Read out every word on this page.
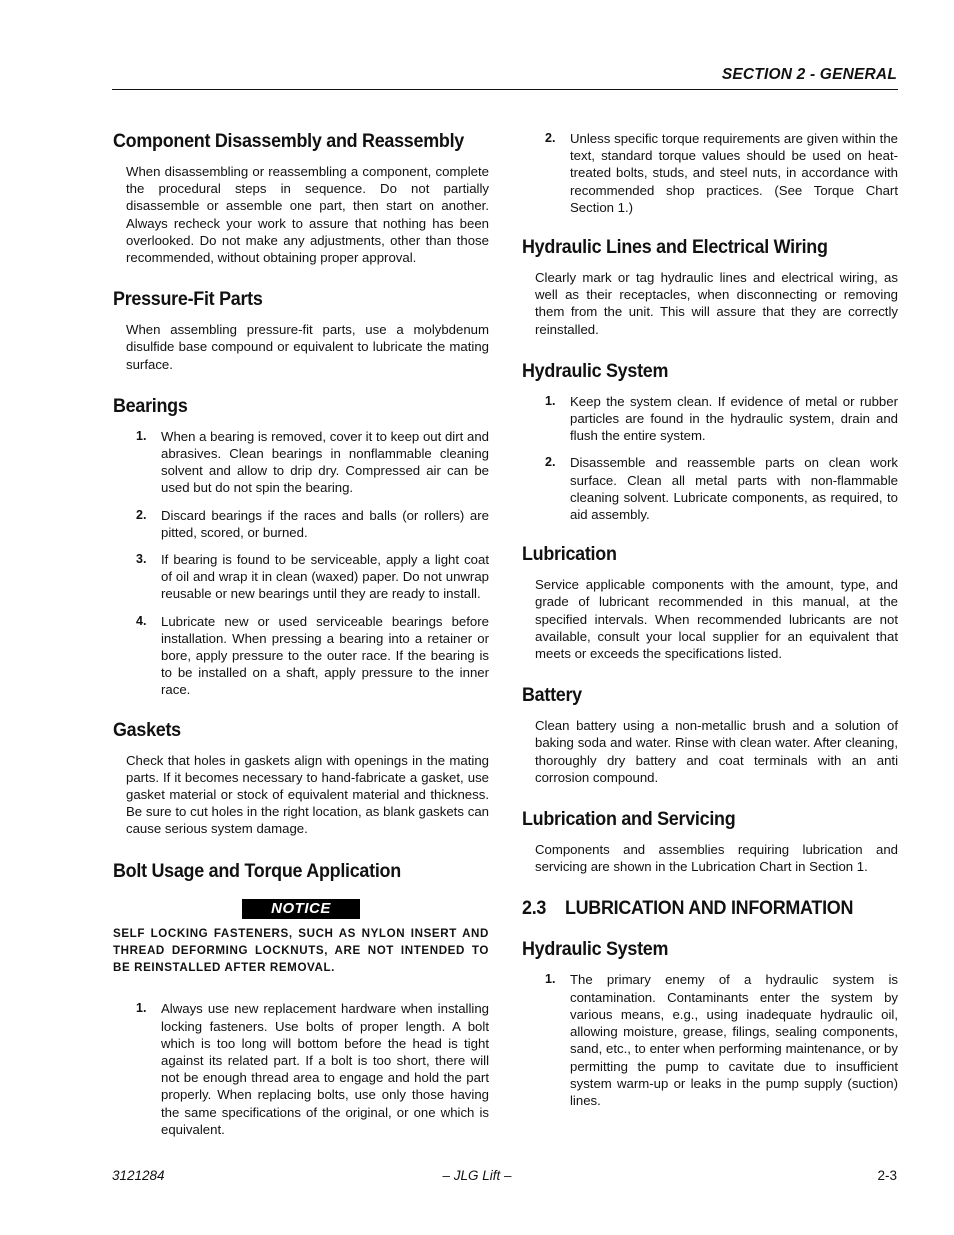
SECTION 2 - GENERAL
Component Disassembly and Reassembly

When disassembling or reassembling a component, complete the procedural steps in sequence. Do not partially disassemble or assemble one part, then start on another. Always recheck your work to assure that nothing has been overlooked. Do not make any adjustments, other than those recommended, without obtaining proper approval.

Pressure-Fit Parts

When assembling pressure-fit parts, use a molybdenum disulfide base compound or equivalent to lubricate the mating surface.

Bearings
1. When a bearing is removed, cover it to keep out dirt and abrasives. Clean bearings in nonflammable cleaning solvent and allow to drip dry. Compressed air can be used but do not spin the bearing.
2. Discard bearings if the races and balls (or rollers) are pitted, scored, or burned.
3. If bearing is found to be serviceable, apply a light coat of oil and wrap it in clean (waxed) paper. Do not unwrap reusable or new bearings until they are ready to install.
4. Lubricate new or used serviceable bearings before installation. When pressing a bearing into a retainer or bore, apply pressure to the outer race. If the bearing is to be installed on a shaft, apply pressure to the inner race.
Gaskets

Check that holes in gaskets align with openings in the mating parts. If it becomes necessary to hand-fabricate a gasket, use gasket material or stock of equivalent material and thickness. Be sure to cut holes in the right location, as blank gaskets can cause serious system damage.

Bolt Usage and Torque Application
NOTICE

SELF LOCKING FASTENERS, SUCH AS NYLON INSERT AND THREAD DEFORMING LOCKNUTS, ARE NOT INTENDED TO BE REINSTALLED AFTER REMOVAL.

1. Always use new replacement hardware when installing locking fasteners. Use bolts of proper length. A bolt which is too long will bottom before the head is tight against its related part. If a bolt is too short, there will not be enough thread area to engage and hold the part properly. When replacing bolts, use only those having the same specifications of the original, or one which is equivalent.
2. Unless specific torque requirements are given within the text, standard torque values should be used on heat-treated bolts, studs, and steel nuts, in accordance with recommended shop practices. (See Torque Chart Section 1.)
Hydraulic Lines and Electrical Wiring

Clearly mark or tag hydraulic lines and electrical wiring, as well as their receptacles, when disconnecting or removing them from the unit. This will assure that they are correctly reinstalled.

Hydraulic System
1. Keep the system clean. If evidence of metal or rubber particles are found in the hydraulic system, drain and flush the entire system.
2. Disassemble and reassemble parts on clean work surface. Clean all metal parts with non-flammable cleaning solvent. Lubricate components, as required, to aid assembly.
Lubrication

Service applicable components with the amount, type, and grade of lubricant recommended in this manual, at the specified intervals. When recommended lubricants are not available, consult your local supplier for an equivalent that meets or exceeds the specifications listed.

Battery

Clean battery using a non-metallic brush and a solution of baking soda and water. Rinse with clean water. After cleaning, thoroughly dry battery and coat terminals with an anti corrosion compound.

Lubrication and Servicing

Components and assemblies requiring lubrication and servicing are shown in the Lubrication Chart in Section 1.

2.3    LUBRICATION AND INFORMATION
Hydraulic System
1. The primary enemy of a hydraulic system is contamination. Contaminants enter the system by various means, e.g., using inadequate hydraulic oil, allowing moisture, grease, filings, sealing components, sand, etc., to enter when performing maintenance, or by permitting the pump to cavitate due to insufficient system warm-up or leaks in the pump supply (suction) lines.
– JLG Lift –
3121284	2-3
